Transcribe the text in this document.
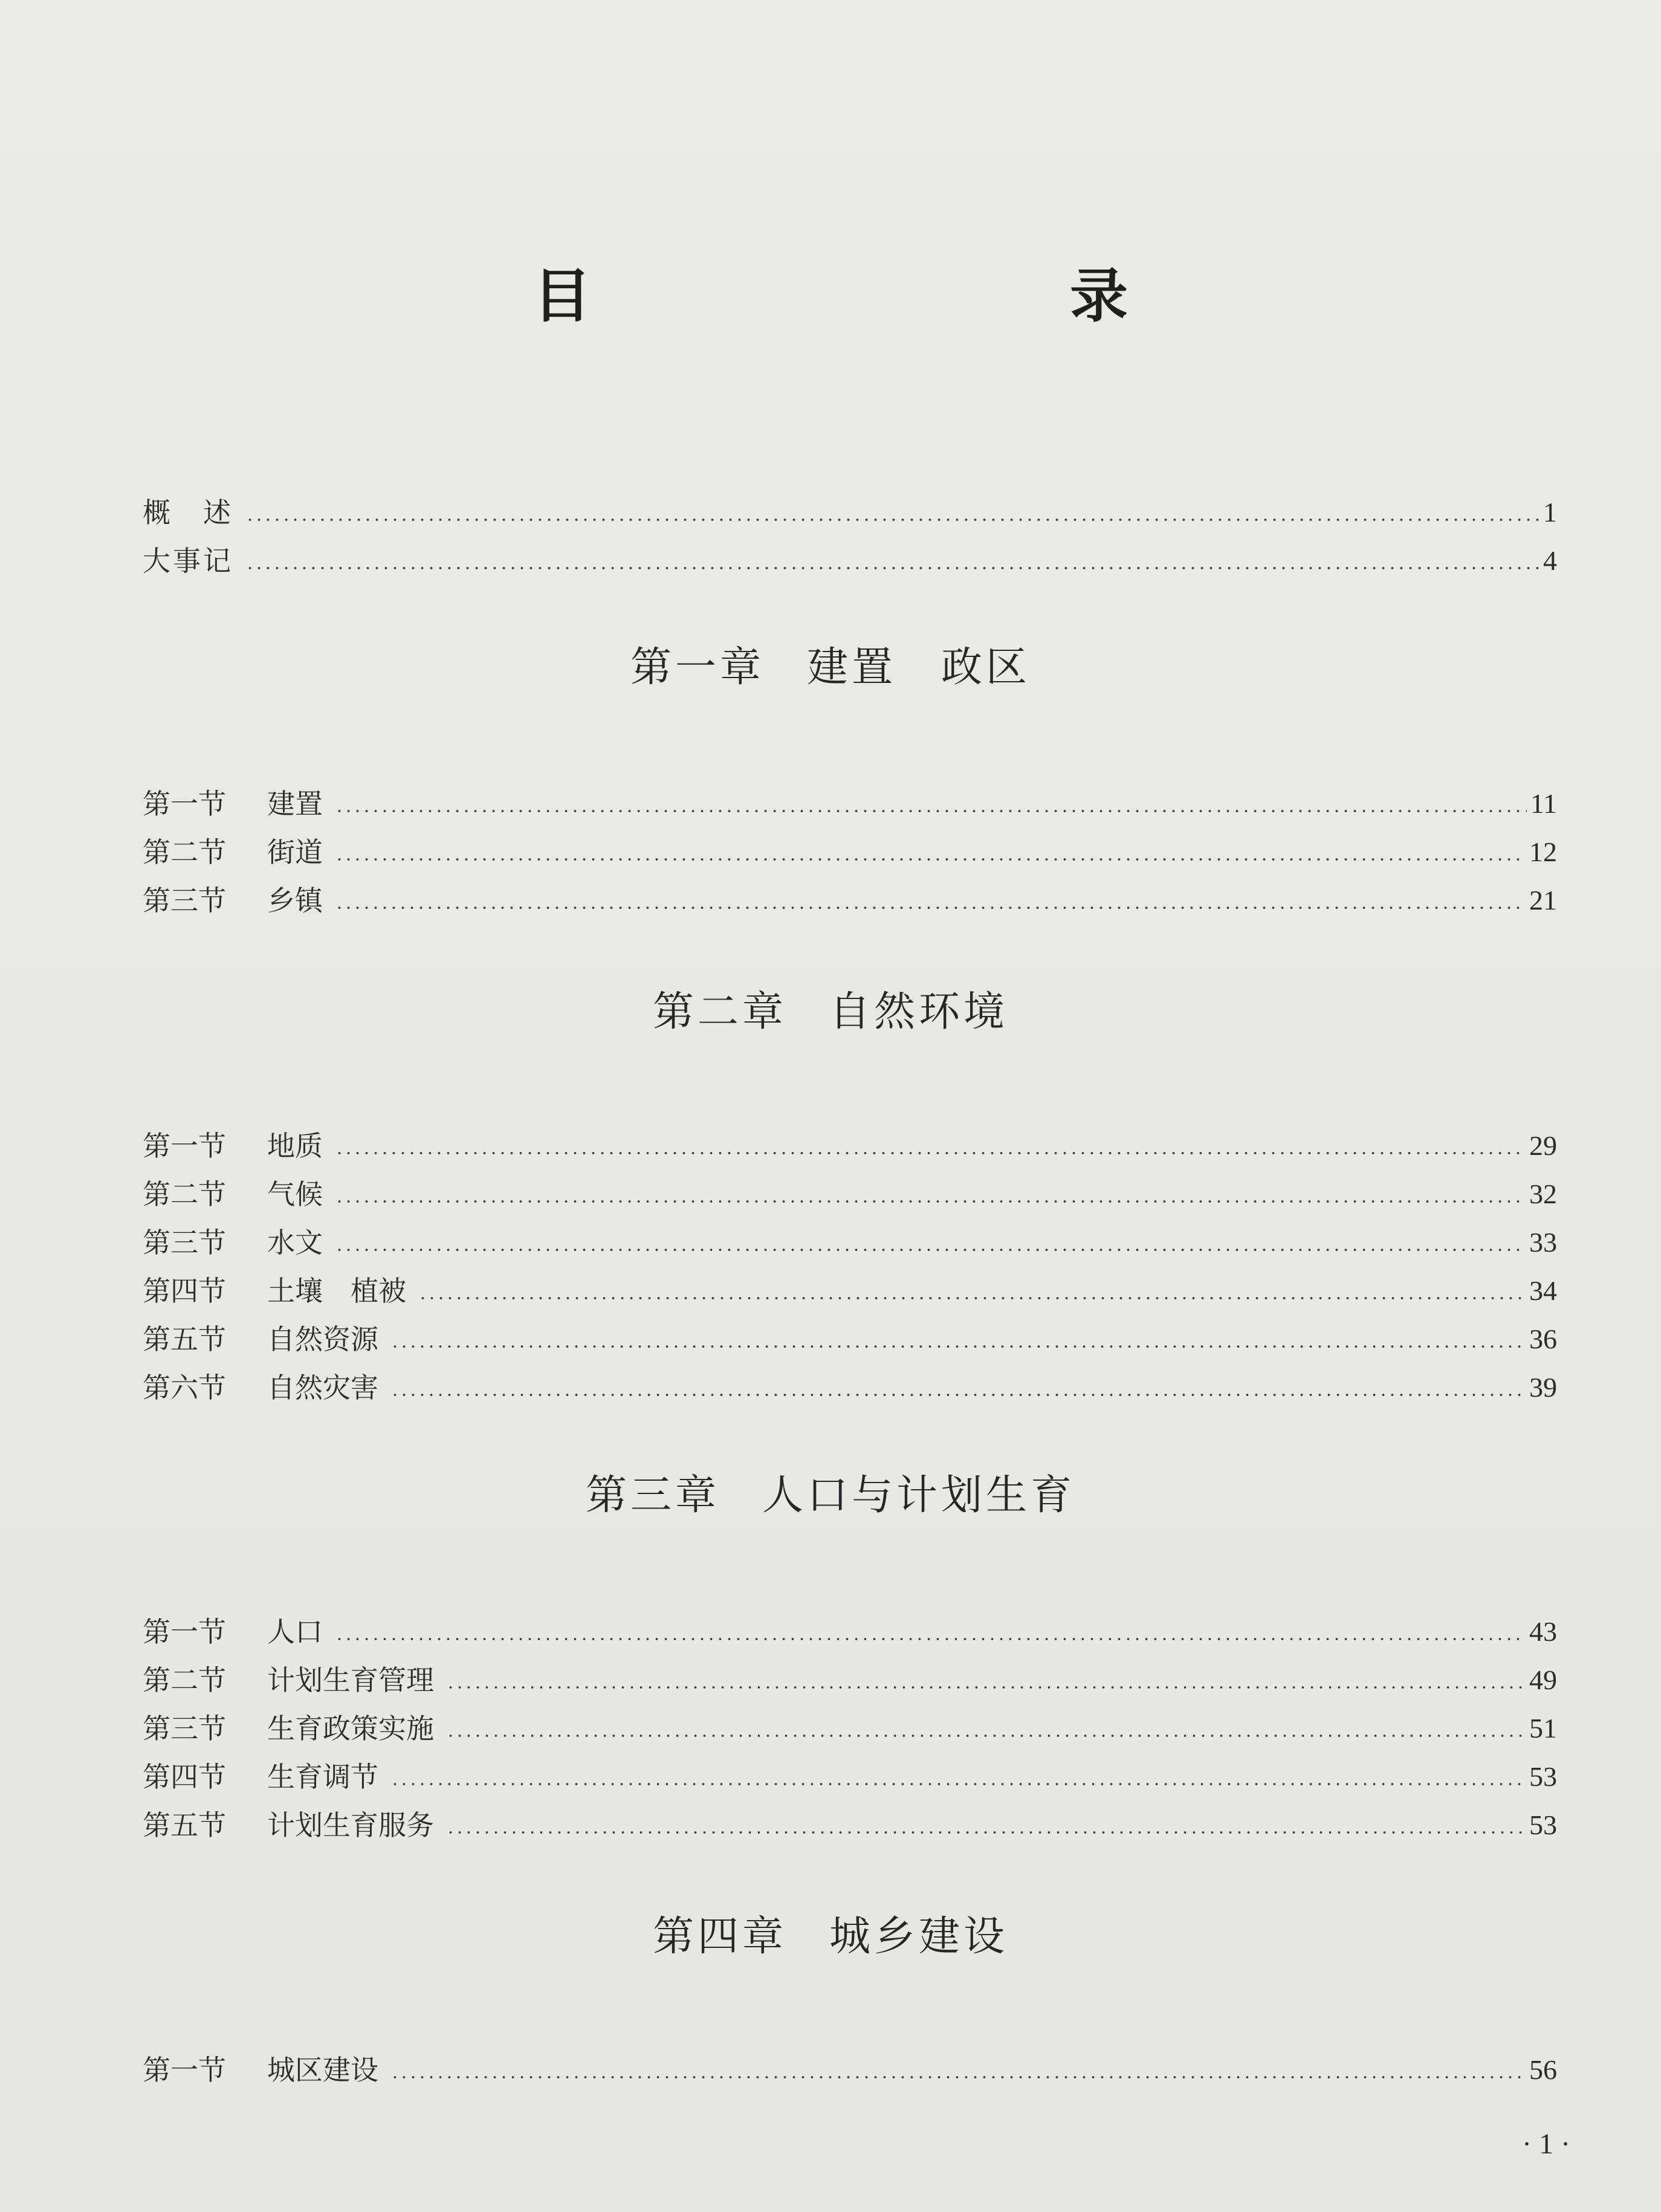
目　　录
概　述	1
大事记	4
第一章 建置　政区
第一节	建置	11
第二节	街道	12
第三节	乡镇	21
第二章 自然环境
第一节	地质	29
第二节	气候	32
第三节	水文	33
第四节	土壤　植被	34
第五节	自然资源	36
第六节	自然灾害	39
第三章 人口与计划生育
第一节	人口	43
第二节	计划生育管理	49
第三节	生育政策实施	51
第四节	生育调节	53
第五节	计划生育服务	53
第四章 城乡建设
第一节	城区建设	56
· 1 ·
